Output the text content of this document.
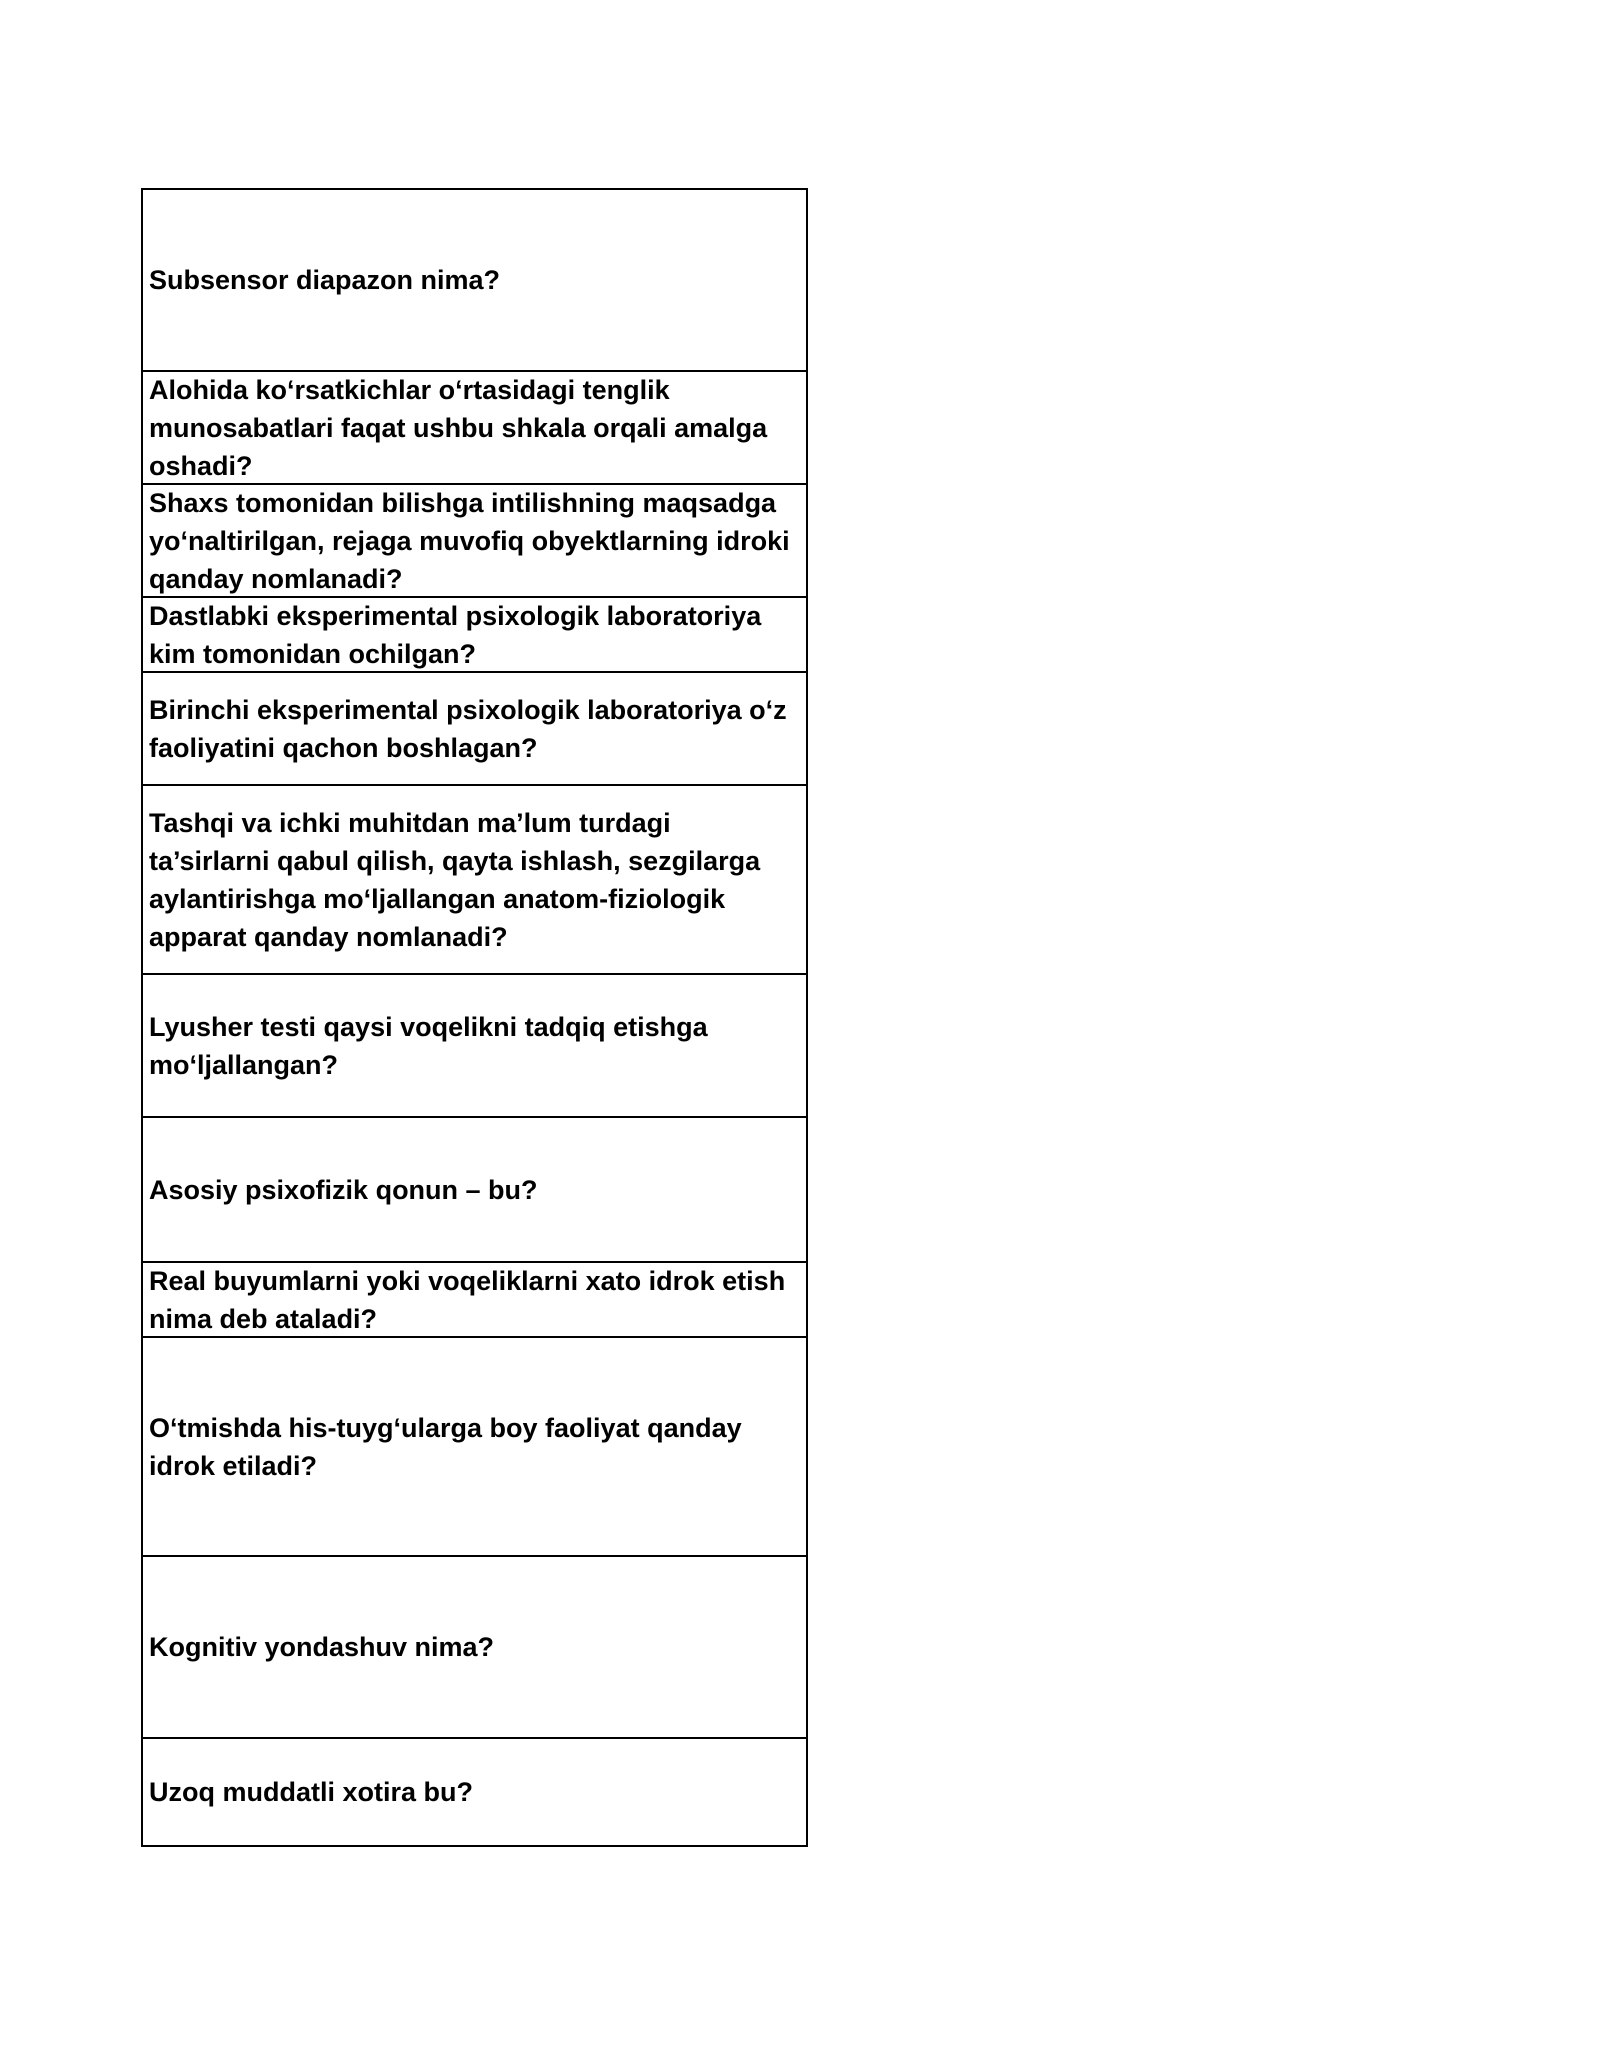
Subsensor diapazon nima?
Alohida ko‘rsatkichlar o‘rtasidagi tenglik munosabatlari faqat ushbu shkala orqali amalga oshadi?
Shaxs tomonidan bilishga intilishning maqsadga yo‘naltirilgan, rejaga muvofiq obyektlarning idroki qanday nomlanadi?
Dastlabki eksperimental psixologik laboratoriya kim tomonidan ochilgan?
Birinchi eksperimental psixologik laboratoriya o‘z faoliyatini qachon boshlagan?
Tashqi va ichki muhitdan ma’lum turdagi ta’sirlarni qabul qilish, qayta ishlash, sezgilarga aylantirishga mo‘ljallangan anatom-fiziologik apparat qanday nomlanadi?
Lyusher testi qaysi voqelikni tadqiq etishga mo‘ljallangan?
Asosiy psixofizik qonun – bu?
Real buyumlarni yoki voqeliklarni xato idrok etish nima deb ataladi?
O‘tmishda his-tuyg‘ularga boy faoliyat qanday idrok etiladi?
Kognitiv yondashuv nima?
Uzoq muddatli xotira bu?
